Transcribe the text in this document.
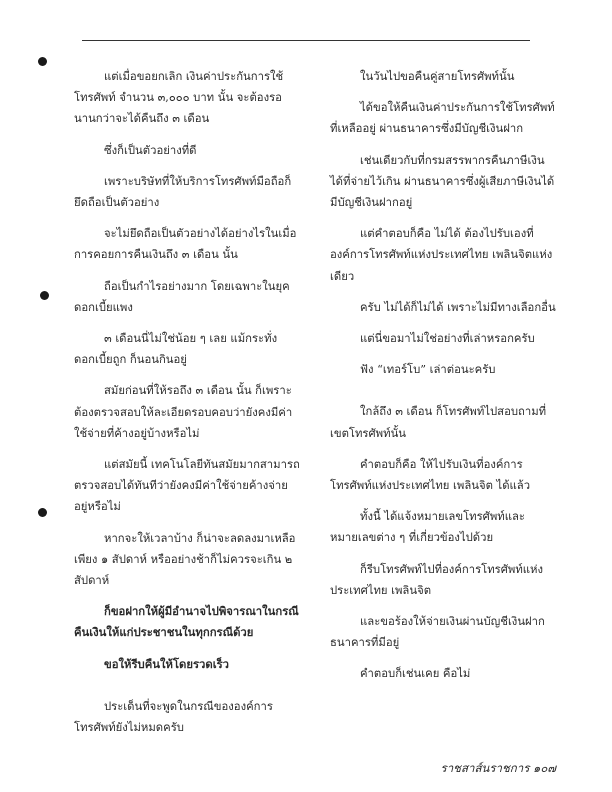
แต่เมื่อขอยกเลิก เงินค่าประกันการใช้โทรศัพท์ จำนวน ๓,๐๐๐ บาท นั้น จะต้องรอนานกว่าจะได้คืนถึง ๓ เดือน

ซึ่งก็เป็นตัวอย่างที่ดี

เพราะบริษัทที่ให้บริการโทรศัพท์มือถือก็ยึดถือเป็นตัวอย่าง

จะไม่ยึดถือเป็นตัวอย่างได้อย่างไรในเมื่อการคอยการคืนเงินถึง ๓ เดือน นั้น

ถือเป็นกำไรอย่างมาก โดยเฉพาะในยุคดอกเบี้ยแพง

๓ เดือนนี่ไม่ใช่น้อย ๆ เลย แม้กระทั่งดอกเบี้ยถูก ก็นอนกินอยู่

สมัยก่อนที่ให้รอถึง ๓ เดือน นั้น ก็เพราะต้องตรวจสอบให้ละเอียดรอบคอบว่ายังคงมีค่าใช้จ่ายที่ค้างอยู่บ้างหรือไม่

แต่สมัยนี้ เทคโนโลยีทันสมัยมากสามารถตรวจสอบได้ทันทีว่ายังคงมีค่าใช้จ่ายค้างจ่ายอยู่หรือไม่

หากจะให้เวลาบ้าง ก็น่าจะลดลงมาเหลือเพียง ๑ สัปดาห์ หรืออย่างช้าก็ไม่ควรจะเกิน ๒ สัปดาห์

ก็ขอฝากให้ผู้มีอำนาจไปพิจารณาในกรณีคืนเงินให้แก่ประชาชนในทุกกรณีด้วย

ขอให้รีบคืนให้โดยรวดเร็ว

ประเด็นที่จะพูดในกรณีขององค์การโทรศัพท์ยังไม่หมดครับ

ในวันไปขอคืนคู่สายโทรศัพท์นั้น

ได้ขอให้คืนเงินค่าประกันการใช้โทรศัพท์ที่เหลืออยู่ ผ่านธนาคารซึ่งมีบัญชีเงินฝาก

เช่นเดียวกับที่กรมสรรพากรคืนภาษีเงินได้ที่จ่ายไว้เกิน ผ่านธนาคารซึ่งผู้เสียภาษีเงินได้มีบัญชีเงินฝากอยู่

แต่คำตอบก็คือ ไม่ได้ ต้องไปรับเองที่องค์การโทรศัพท์แห่งประเทศไทย เพลินจิตแห่งเดียว

ครับ ไม่ได้ก็ไม่ได้ เพราะไม่มีทางเลือกอื่น

แต่นี่ขอมาไม่ใช่อย่างที่เล่าหรอกครับ

ฟัง “เทอร์โบ” เล่าต่อนะครับ

ใกล้ถึง ๓ เดือน ก็โทรศัพท์ไปสอบถามที่เขตโทรศัพท์นั้น

คำตอบก็คือ ให้ไปรับเงินที่องค์การโทรศัพท์แห่งประเทศไทย เพลินจิต ได้แล้ว

ทั้งนี้ ได้แจ้งหมายเลขโทรศัพท์และหมายเลขต่าง ๆ ที่เกี่ยวข้องไปด้วย

ก็รีบโทรศัพท์ไปที่องค์การโทรศัพท์แห่งประเทศไทย เพลินจิต

และขอร้องให้จ่ายเงินผ่านบัญชีเงินฝากธนาคารที่มีอยู่

คำตอบก็เช่นเคย คือไม่

ราชสาส์นราชการ ๑๐๗
